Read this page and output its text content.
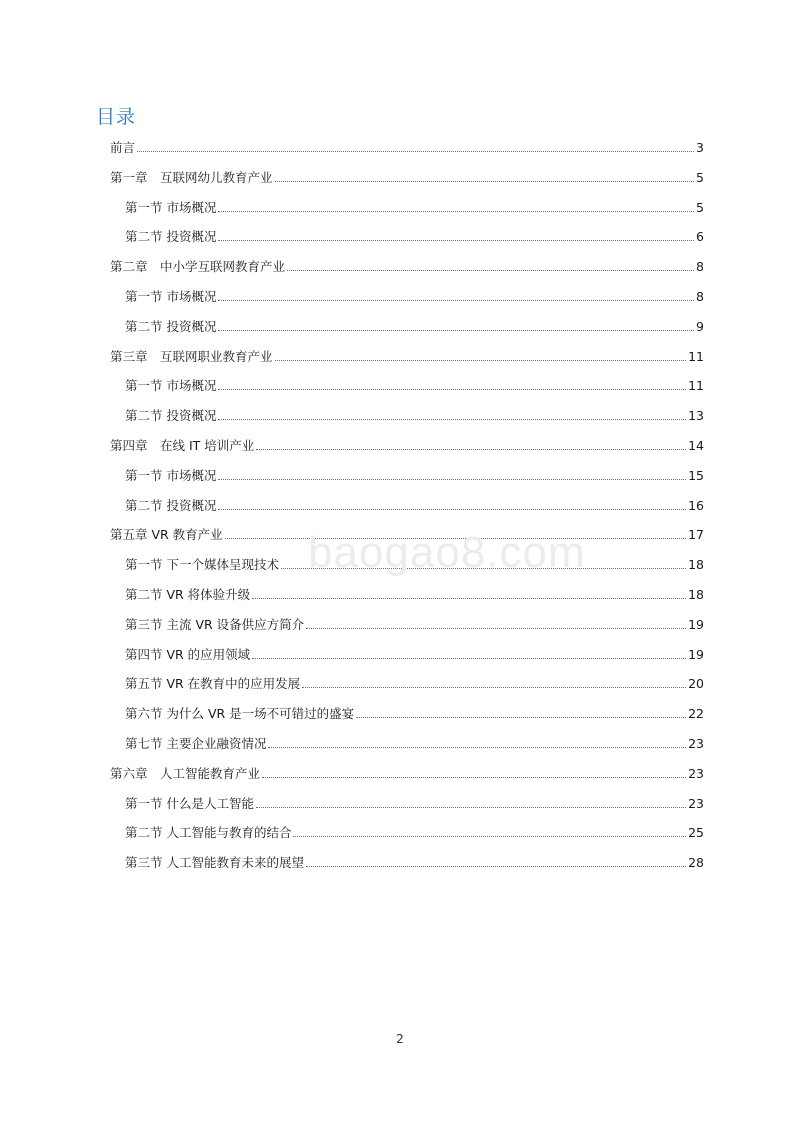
目录
前言	3
第一章　互联网幼儿教育产业	5
第一节 市场概况	5
第二节 投资概况	6
第二章　中小学互联网教育产业	8
第一节 市场概况	8
第二节 投资概况	9
第三章　互联网职业教育产业	11
第一节 市场概况	11
第二节 投资概况	13
第四章　在线 IT 培训产业	14
第一节 市场概况	15
第二节 投资概况	16
第五章 VR 教育产业	17
第一节 下一个媒体呈现技术	18
第二节 VR 将体验升级	18
第三节 主流 VR 设备供应方简介	19
第四节 VR 的应用领域	19
第五节 VR 在教育中的应用发展	20
第六节 为什么 VR 是一场不可错过的盛宴	22
第七节 主要企业融资情况	23
第六章　人工智能教育产业	23
第一节 什么是人工智能	23
第二节 人工智能与教育的结合	25
第三节 人工智能教育未来的展望	28
baogao8.com
2
